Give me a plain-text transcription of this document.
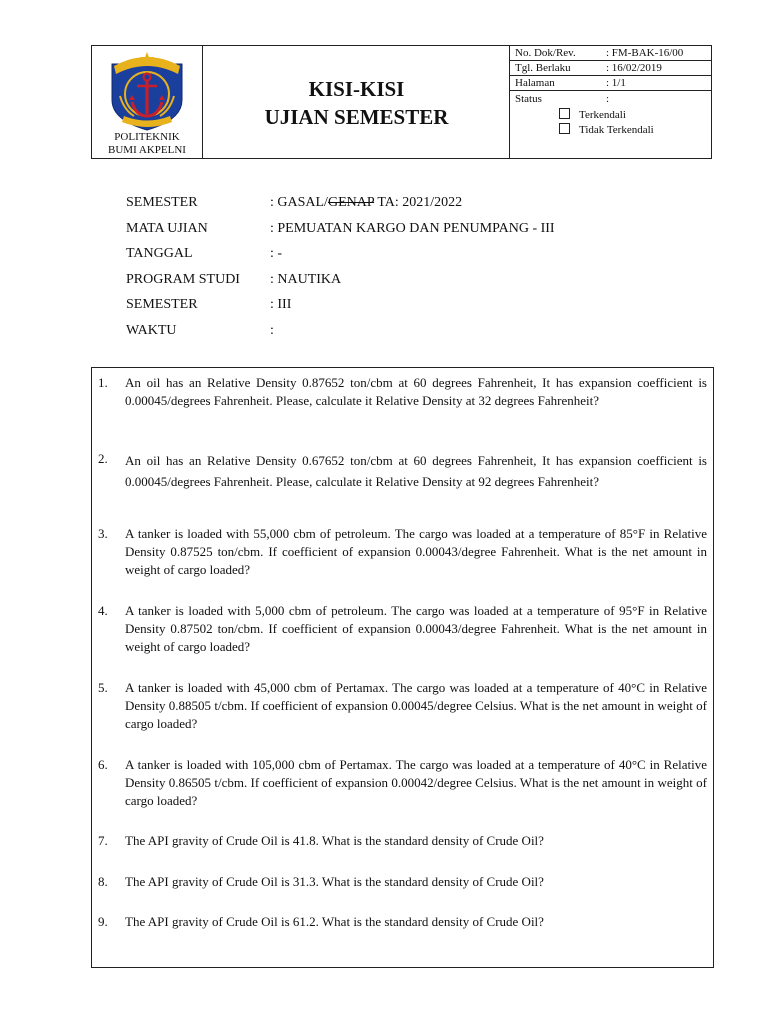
POLITEKNIK
BUMI AKPELNI
KISI-KISI
UJIAN SEMESTER
No. Dok/Rev.	: FM-BAK-16/00
Tgl. Berlaku	: 16/02/2019
Halaman	: 1/1
Status	:
Terkendali
Tidak Terkendali
SEMESTER	: GASAL/GENAP TA: 2021/2022
MATA UJIAN	: PEMUATAN KARGO DAN PENUMPANG - III
TANGGAL	: -
PROGRAM STUDI : NAUTIKA
SEMESTER	: III
WAKTU	:
1. An oil has an Relative Density 0.87652 ton/cbm at 60 degrees Fahrenheit, It has expansion coefficient is 0.00045/degrees Fahrenheit. Please, calculate it Relative Density at 32 degrees Fahrenheit?
2. An oil has an Relative Density 0.67652 ton/cbm at 60 degrees Fahrenheit, It has expansion coefficient is 0.00045/degrees Fahrenheit. Please, calculate it Relative Density at 92 degrees Fahrenheit?
3. A tanker is loaded with 55,000 cbm of petroleum. The cargo was loaded at a temperature of 85°F in Relative Density 0.87525 ton/cbm. If coefficient of expansion 0.00043/degree Fahrenheit. What is the net amount in weight of cargo loaded?
4. A tanker is loaded with 5,000 cbm of petroleum. The cargo was loaded at a temperature of 95°F in Relative Density 0.87502 ton/cbm. If coefficient of expansion 0.00043/degree Fahrenheit. What is the net amount in weight of cargo loaded?
5. A tanker is loaded with 45,000 cbm of Pertamax. The cargo was loaded at a temperature of 40°C in Relative Density 0.88505 t/cbm. If coefficient of expansion 0.00045/degree Celsius. What is the net amount in weight of cargo loaded?
6. A tanker is loaded with 105,000 cbm of Pertamax. The cargo was loaded at a temperature of 40°C in Relative Density 0.86505 t/cbm. If coefficient of expansion 0.00042/degree Celsius. What is the net amount in weight of cargo loaded?
7. The API gravity of Crude Oil is 41.8. What is the standard density of Crude Oil?
8. The API gravity of Crude Oil is 31.3. What is the standard density of Crude Oil?
9. The API gravity of Crude Oil is 61.2. What is the standard density of Crude Oil?
